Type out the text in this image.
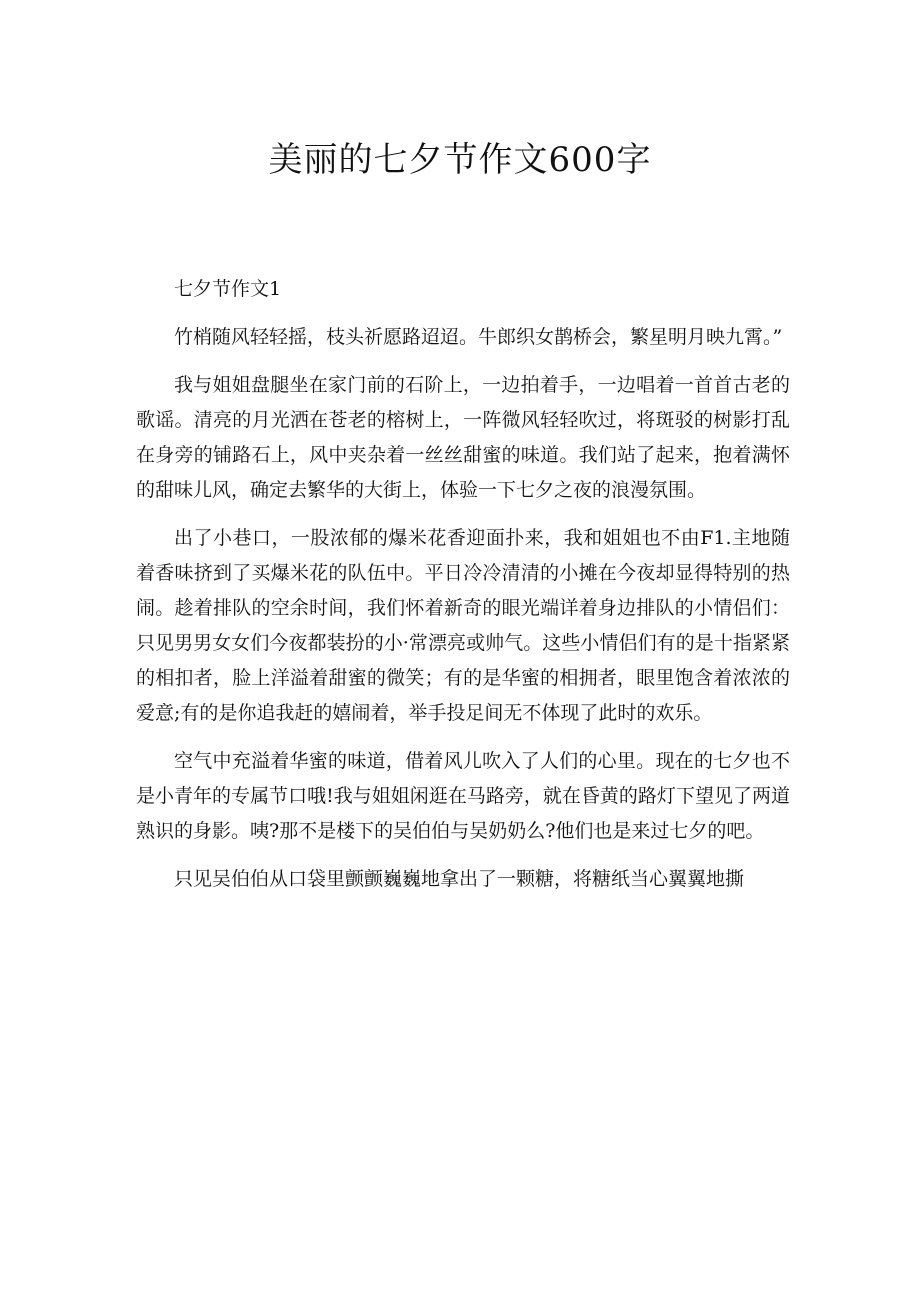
美丽的七夕节作文600字

七夕节作文1

竹梢随风轻轻摇，枝头祈愿路迢迢。牛郎织女鹊桥会，繁星明月映九霄。”

我与姐姐盘腿坐在家门前的石阶上，一边拍着手，一边唱着一首首古老的歌谣。清亮的月光洒在苍老的榕树上，一阵微风轻轻吹过，将斑驳的树影打乱在身旁的铺路石上，风中夹杂着一丝丝甜蜜的味道。我们站了起来，抱着满怀的甜味儿风，确定去繁华的大街上，体验一下七夕之夜的浪漫氛围。

出了小巷口，一股浓郁的爆米花香迎面扑来，我和姐姐也不由F1.主地随着香味挤到了买爆米花的队伍中。平日冷冷清清的小摊在今夜却显得特别的热闹。趁着排队的空余时间，我们怀着新奇的眼光端详着身边排队的小情侣们：只见男男女女们今夜都装扮的小·常漂亮或帅气。这些小情侣们有的是十指紧紧的相扣者，脸上洋溢着甜蜜的微笑；有的是华蜜的相拥者，眼里饱含着浓浓的爱意;有的是你追我赶的嬉闹着，举手投足间无不体现了此时的欢乐。

空气中充溢着华蜜的味道，借着风儿吹入了人们的心里。现在的七夕也不是小青年的专属节口哦!我与姐姐闲逛在马路旁，就在昏黄的路灯下望见了两道熟识的身影。咦?那不是楼下的吴伯伯与吴奶奶么?他们也是来过七夕的吧。

只见吴伯伯从口袋里颤颤巍巍地拿出了一颗糖，将糖纸当心翼翼地撕
